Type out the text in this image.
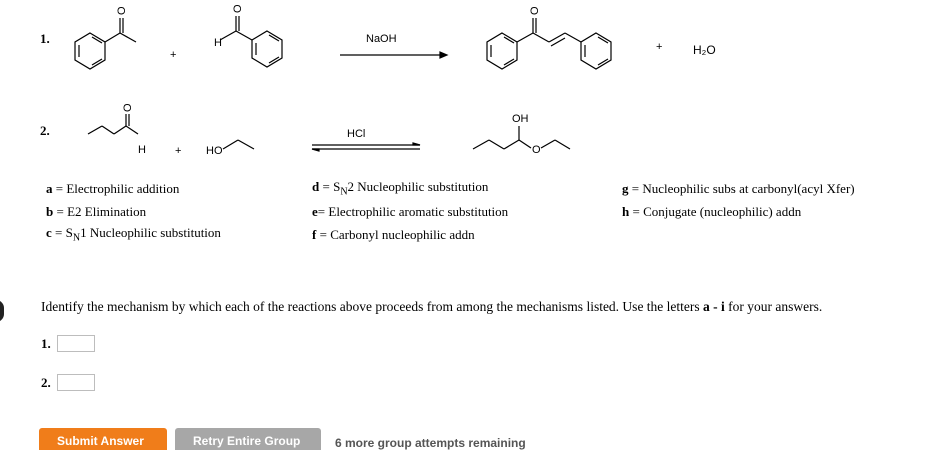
1.
O	O	O
O
O
H
+
NaOH
+	H₂O
2.
H	+ HO
HCl
OH
a = Electrophilic addition
b = E2 Elimination
$c = S_N1$ Nucleophilic substitution
$d = S_N2$ Nucleophilic substitution
e= Electrophilic aromatic substitution
f = Carbonyl nucleophilic addn
g = Nucleophilic subs at carbonyl(acyl Xfer)
h = Conjugate (nucleophilic) addn
Identify the mechanism by which each of the reactions above proceeds from among the mechanisms listed. Use the letters a - i for your answers.
1.
2.
Submit Answer	Retry Entire Group	6 more group attempts remaining
